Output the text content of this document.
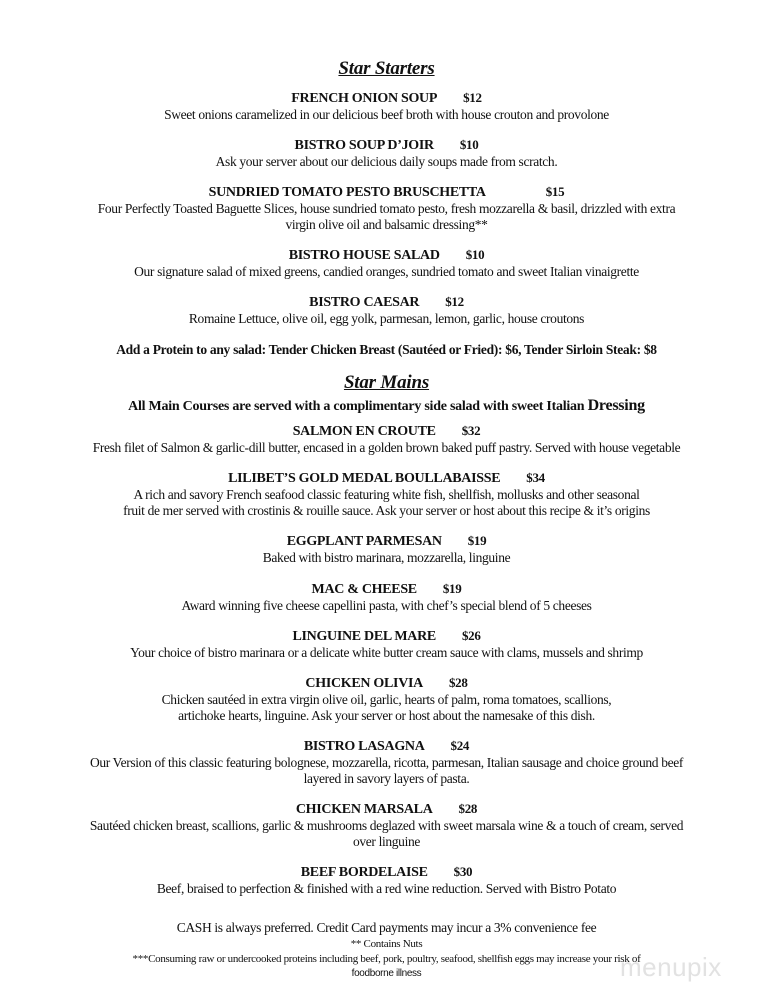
Star Starters
FRENCH ONION SOUP $12
Sweet onions caramelized in our delicious beef broth with house crouton and provolone
BISTRO SOUP D’JOIR $10
Ask your server about our delicious daily soups made from scratch.
SUNDRIED TOMATO PESTO BRUSCHETTA	$15
Four Perfectly Toasted Baguette Slices, house sundried tomato pesto, fresh mozzarella & basil, drizzled with extra
virgin olive oil and balsamic dressing**
BISTRO HOUSE SALAD $10
Our signature salad of mixed greens, candied oranges, sundried tomato and sweet Italian vinaigrette
BISTRO CAESAR $12
Romaine Lettuce, olive oil, egg yolk, parmesan, lemon, garlic, house croutons
Add a Protein to any salad: Tender Chicken Breast (Sautéed or Fried): $6, Tender Sirloin Steak: $8
Star Mains
All Main Courses are served with a complimentary side salad with sweet Italian Dressing
SALMON EN CROUTE $32
Fresh filet of Salmon & garlic-dill butter, encased in a golden brown baked puff pastry. Served with house vegetable
LILIBET’S GOLD MEDAL BOULLABAISSE $34
A rich and savory French seafood classic featuring white fish, shellfish, mollusks and other seasonal
fruit de mer served with crostinis & rouille sauce. Ask your server or host about this recipe & it’s origins
EGGPLANT PARMESAN $19
Baked with bistro marinara, mozzarella, linguine
MAC & CHEESE $19
Award winning five cheese capellini pasta, with chef’s special blend of 5 cheeses
LINGUINE DEL MARE $26
Your choice of bistro marinara or a delicate white butter cream sauce with clams, mussels and shrimp
CHICKEN OLIVIA $28
Chicken sautéed in extra virgin olive oil, garlic, hearts of palm, roma tomatoes, scallions,
artichoke hearts, linguine. Ask your server or host about the namesake of this dish.
BISTRO LASAGNA $24
Our Version of this classic featuring bolognese, mozzarella, ricotta, parmesan, Italian sausage and choice ground beef
layered in savory layers of pasta.
CHICKEN MARSALA $28
Sautéed chicken breast, scallions, garlic & mushrooms deglazed with sweet marsala wine & a touch of cream, served
over linguine
BEEF BORDELAISE $30
Beef, braised to perfection & finished with a red wine reduction. Served with Bistro Potato
CASH is always preferred. Credit Card payments may incur a 3% convenience fee
** Contains Nuts
***Consuming raw or undercooked proteins including beef, pork, poultry, seafood, shellfish eggs may increase your risk of
foodborne illness	menupix
